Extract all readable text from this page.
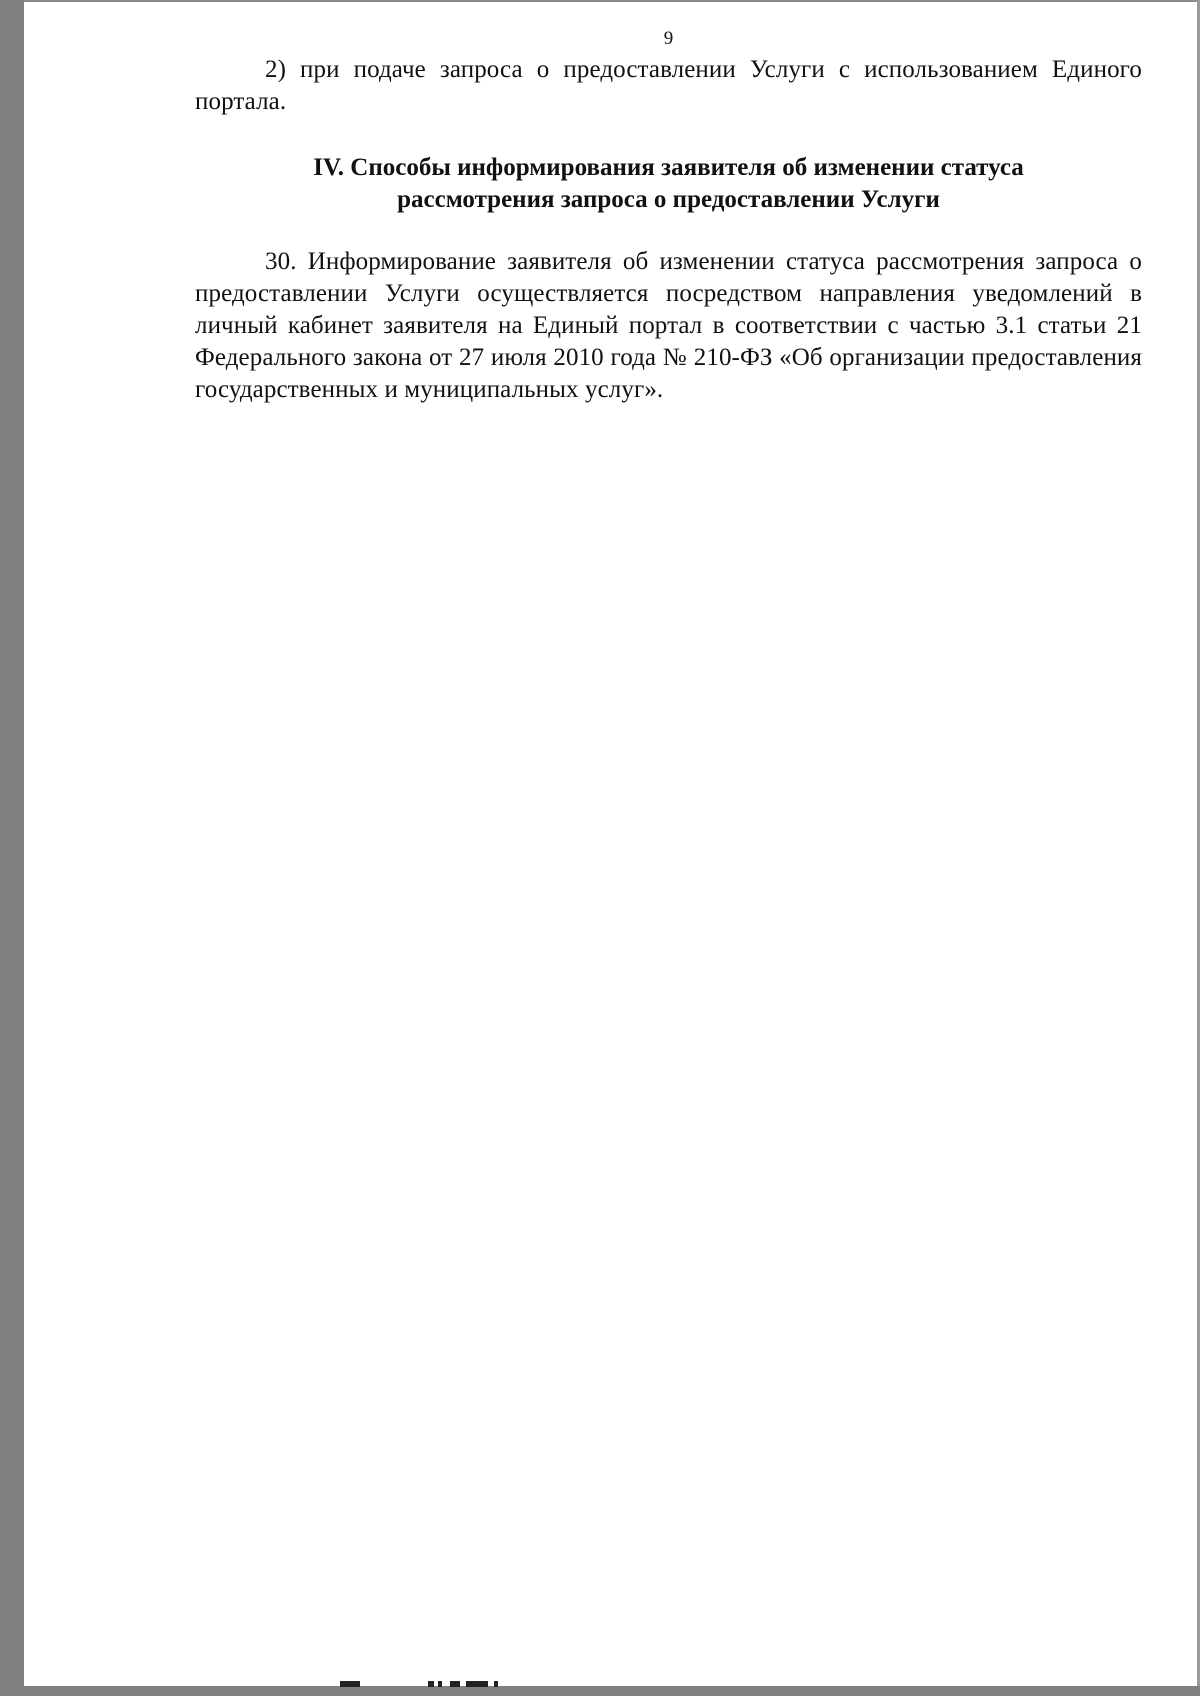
9

2) при подаче запроса о предоставлении Услуги с использованием Единого портала.

IV. Способы информирования заявителя об изменении статуса
рассмотрения запроса о предоставлении Услуги

30. Информирование заявителя об изменении статуса рассмотрения запроса о предоставлении Услуги осуществляется посредством направления уведомлений в личный кабинет заявителя на Единый портал в соответствии с частью 3.1 статьи 21 Федерального закона от 27 июля 2010 года № 210-ФЗ «Об организации предоставления государственных и муниципальных услуг».
